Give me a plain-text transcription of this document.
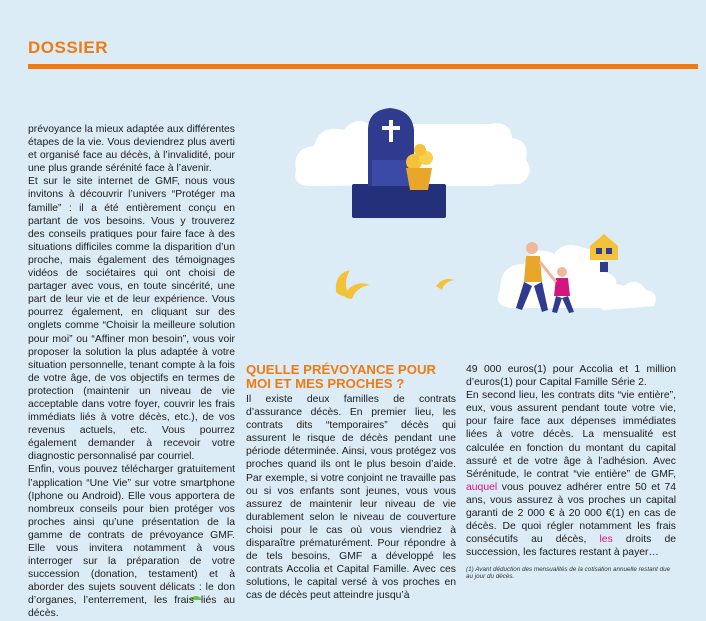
DOSSIER

prévoyance la mieux adaptée aux différentes étapes de la vie. Vous deviendrez plus averti et organisé face au décès, à l’invalidité, pour une plus grande sérénité face à l’avenir.

Et sur le site internet de GMF, nous vous invitons à découvrir l’univers “Protéger ma famille” : il a été entièrement conçu en partant de vos besoins. Vous y trouverez des conseils pratiques pour faire face à des situations difficiles comme la disparition d’un proche, mais également des témoignages vidéos de sociétaires qui ont choisi de partager avec vous, en toute sincérité, une part de leur vie et de leur expérience. Vous pourrez également, en cliquant sur des onglets comme “Choisir la meilleure solution pour moi” ou “Affiner mon besoin”, vous voir proposer la solution la plus adaptée à votre situation personnelle, tenant compte à la fois de votre âge, de vos objectifs en termes de protection (maintenir un niveau de vie acceptable dans votre foyer, couvrir les frais immédiats liés à votre décès, etc.), de vos revenus actuels, etc. Vous pourrez également demander à recevoir votre diagnostic personnalisé par courriel.

Enfin, vous pouvez télécharger gratuitement l’application “Une Vie” sur votre smartphone (Iphone ou Android). Elle vous apportera de nombreux conseils pour bien protéger vos proches ainsi qu’une présentation de la gamme de contrats de prévoyance GMF. Elle vous invitera notamment à vous interroger sur la préparation de votre succession (donation, testament) et à aborder des sujets souvent délicats : le don d’organes, l’enterrement, les frais liés au décès.

QUELLE PRÉVOYANCE POUR MOI ET MES PROCHES ?

Il existe deux familles de contrats d’assurance décès. En premier lieu, les contrats dits “temporaires” décès qui assurent le risque de décès pendant une période déterminée. Ainsi, vous protégez vos proches quand ils ont le plus besoin d’aide. Par exemple, si votre conjoint ne travaille pas ou si vos enfants sont jeunes, vous vous assurez de maintenir leur niveau de vie durablement selon le niveau de couverture choisi pour le cas où vous viendriez à disparaître prématurément. Pour répondre à de tels besoins, GMF a développé les contrats Accolia et Capital Famille. Avec ces solutions, le capital versé à vos proches en cas de décès peut atteindre jusqu’à

49 000 euros(1) pour Accolia et 1 million d’euros(1) pour Capital Famille Série 2.

En second lieu, les contrats dits “vie entière”, eux, vous assurent pendant toute votre vie, pour faire face aux dépenses immédiates liées à votre décès. La mensualité est calculée en fonction du montant du capital assuré et de votre âge à l’adhésion. Avec Sérénitude, le contrat “vie entière” de GMF, auquel vous pouvez adhérer entre 50 et 74 ans, vous assurez à vos proches un capital garanti de 2 000 € à 20 000 €(1) en cas de décès. De quoi régler notamment les frais consécutifs au décès, les droits de succession, les factures restant à payer…

(1) Avant déduction des mensualités de la cotisation annuelle restant due au jour du décès.
